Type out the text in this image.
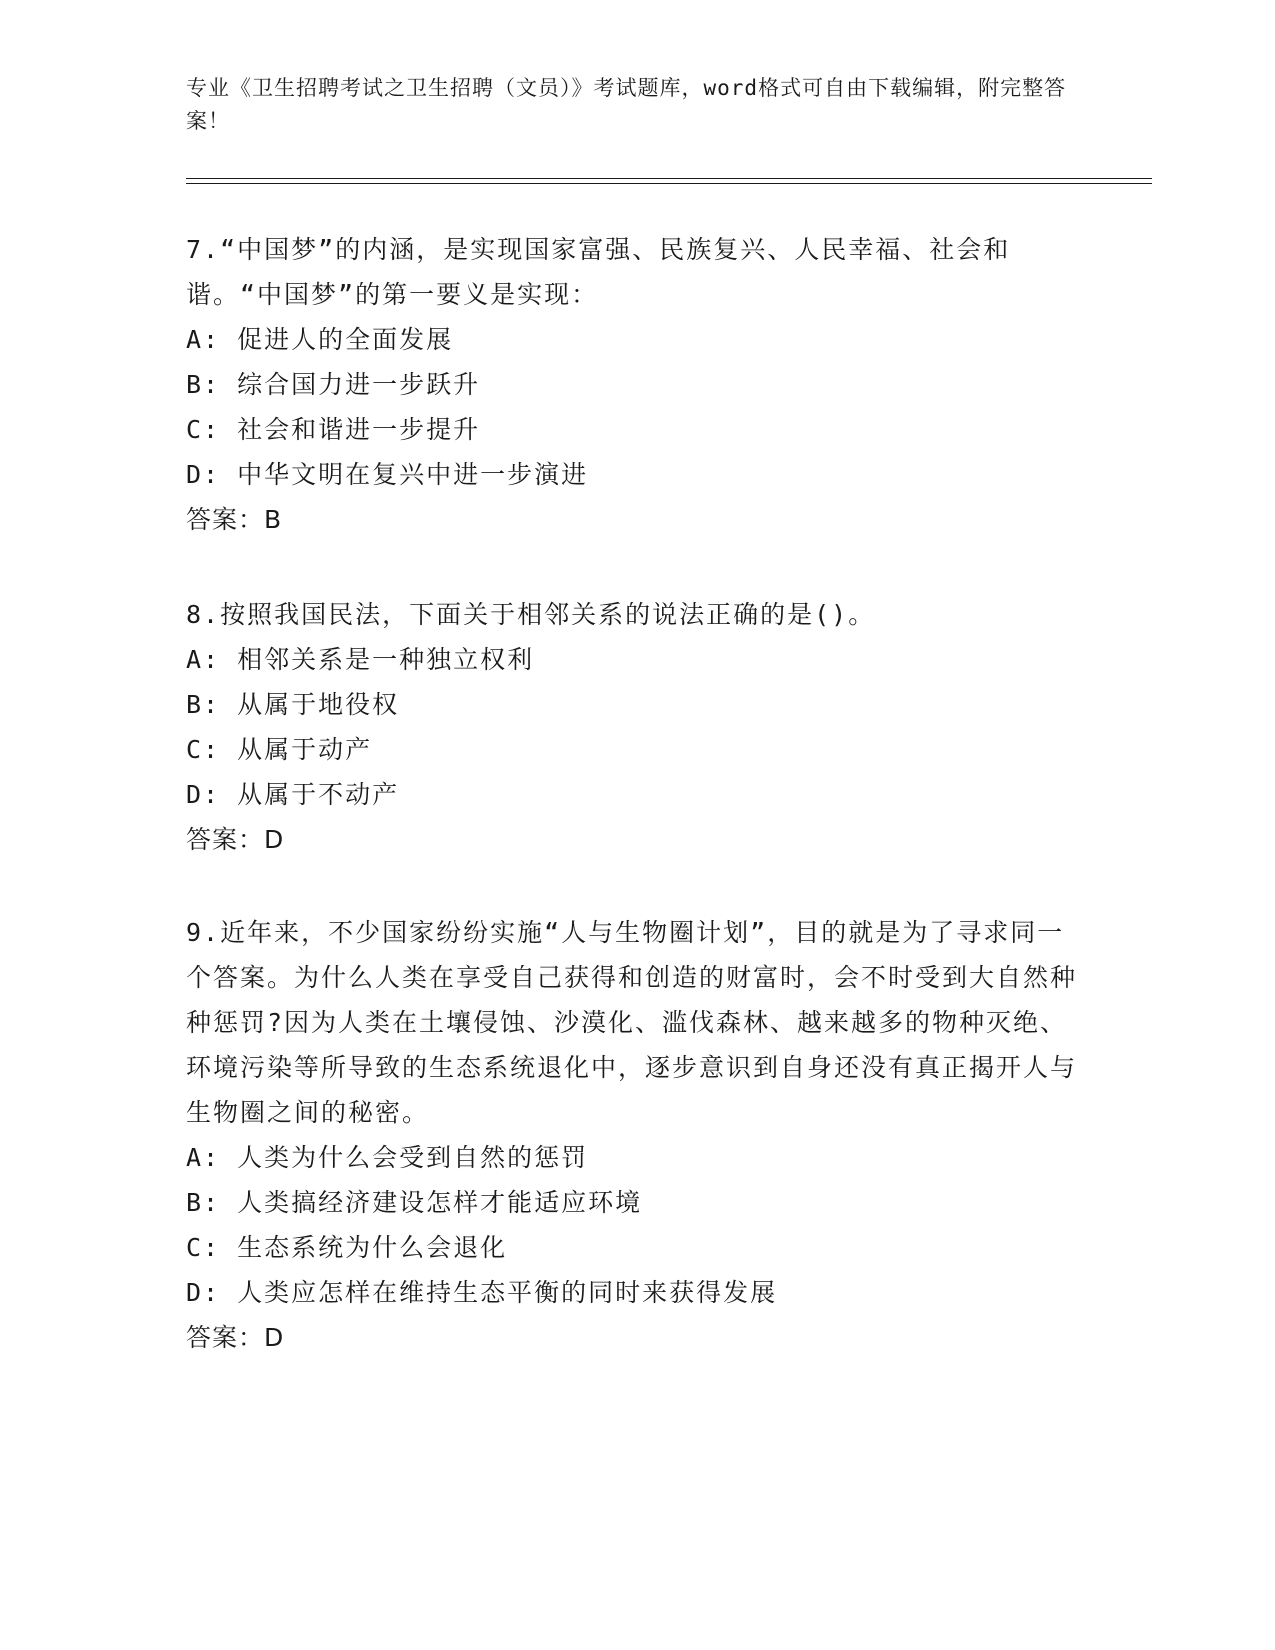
专业《卫生招聘考试之卫生招聘（文员）》考试题库，word格式可自由下载编辑，附完整答案！
7.“中国梦”的内涵，是实现国家富强、民族复兴、人民幸福、社会和谐。“中国梦”的第一要义是实现：
A: 促进人的全面发展
B: 综合国力进一步跃升
C: 社会和谐进一步提升
D: 中华文明在复兴中进一步演进
答案：B
8.按照我国民法，下面关于相邻关系的说法正确的是()。
A: 相邻关系是一种独立权利
B: 从属于地役权
C: 从属于动产
D: 从属于不动产
答案：D
9.近年来，不少国家纷纷实施“人与生物圈计划”，目的就是为了寻求同一个答案。为什么人类在享受自己获得和创造的财富时，会不时受到大自然种种惩罚?因为人类在土壤侵蚀、沙漠化、滥伐森林、越来越多的物种灭绝、环境污染等所导致的生态系统退化中，逐步意识到自身还没有真正揭开人与生物圈之间的秘密。
A: 人类为什么会受到自然的惩罚
B: 人类搞经济建设怎样才能适应环境
C: 生态系统为什么会退化
D: 人类应怎样在维持生态平衡的同时来获得发展
答案：D
